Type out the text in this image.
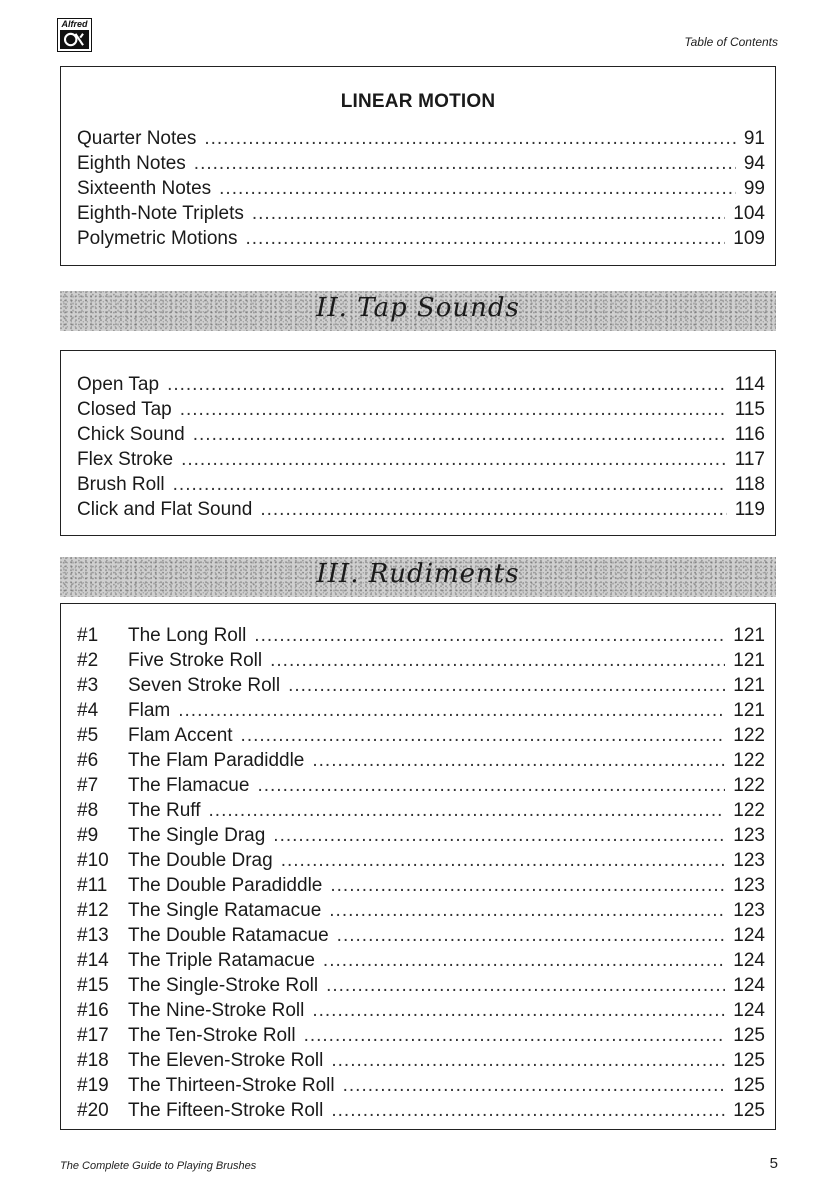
Alfred
Table of Contents
LINEAR MOTION
Quarter Notes .....	91
Eighth Notes .....	94
Sixteenth Notes .....	99
Eighth-Note Triplets .....	104
Polymetric Motions .....	109
II. Tap Sounds
Open Tap .....	114
Closed Tap .....	115
Chick Sound .....	116
Flex Stroke .....	117
Brush Roll .....	118
Click and Flat Sound .....	119
III. Rudiments
#1	The Long Roll .....	121
#2	Five Stroke Roll .....	121
#3	Seven Stroke Roll .....	121
#4	Flam .....	121
#5	Flam Accent .....	122
#6	The Flam Paradiddle .....	122
#7	The Flamacue .....	122
#8	The Ruff .....	122
#9	The Single Drag .....	123
#10	The Double Drag .....	123
#11	The Double Paradiddle .....	123
#12	The Single Ratamacue .....	123
#13	The Double Ratamacue .....	124
#14	The Triple Ratamacue .....	124
#15	The Single-Stroke Roll .....	124
#16	The Nine-Stroke Roll .....	124
#17	The Ten-Stroke Roll .....	125
#18	The Eleven-Stroke Roll .....	125
#19	The Thirteen-Stroke Roll .....	125
#20	The Fifteen-Stroke Roll .....	125
The Complete Guide to Playing Brushes	5
